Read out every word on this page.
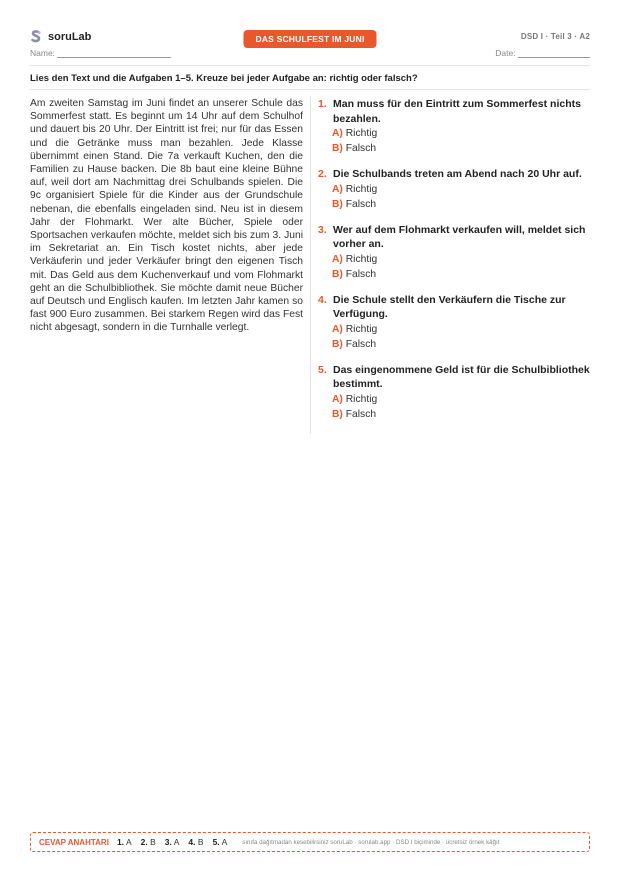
soruLab	DAS SCHULFEST IM JUNI	DSD I · Teil 3 · A2
Name:	Date:
Lies den Text und die Aufgaben 1–5. Kreuze bei jeder Aufgabe an: richtig oder falsch?
Am zweiten Samstag im Juni findet an unserer Schule das Sommerfest statt. Es beginnt um 14 Uhr auf dem Schulhof und dauert bis 20 Uhr. Der Eintritt ist frei; nur für das Essen und die Getränke muss man bezahlen. Jede Klasse übernimmt einen Stand. Die 7a verkauft Kuchen, den die Familien zu Hause backen. Die 8b baut eine kleine Bühne auf, weil dort am Nachmittag drei Schulbands spielen. Die 9c organisiert Spiele für die Kinder aus der Grundschule nebenan, die ebenfalls eingeladen sind. Neu ist in diesem Jahr der Flohmarkt. Wer alte Bücher, Spiele oder Sportsachen verkaufen möchte, meldet sich bis zum 3. Juni im Sekretariat an. Ein Tisch kostet nichts, aber jede Verkäuferin und jeder Verkäufer bringt den eigenen Tisch mit. Das Geld aus dem Kuchenverkauf und vom Flohmarkt geht an die Schulbibliothek. Sie möchte damit neue Bücher auf Deutsch und Englisch kaufen. Im letzten Jahr kamen so fast 900 Euro zusammen. Bei starkem Regen wird das Fest nicht abgesagt, sondern in die Turnhalle verlegt.
1. Man muss für den Eintritt zum Sommerfest nichts bezahlen.
A) Richtig
B) Falsch
2. Die Schulbands treten am Abend nach 20 Uhr auf.
A) Richtig
B) Falsch
3. Wer auf dem Flohmarkt verkaufen will, meldet sich vorher an.
A) Richtig
B) Falsch
4. Die Schule stellt den Verkäufern die Tische zur Verfügung.
A) Richtig
B) Falsch
5. Das eingenommene Geld ist für die Schulbibliothek bestimmt.
A) Richtig
B) Falsch
CEVAP ANAHTARI 1. A 2. B 3. A 4. B 5. A sınıfa dağıtmadan kesebilirsiniz soruLab · sorulab.app · DSD I biçiminde · ücretsiz örnek kâğıt
